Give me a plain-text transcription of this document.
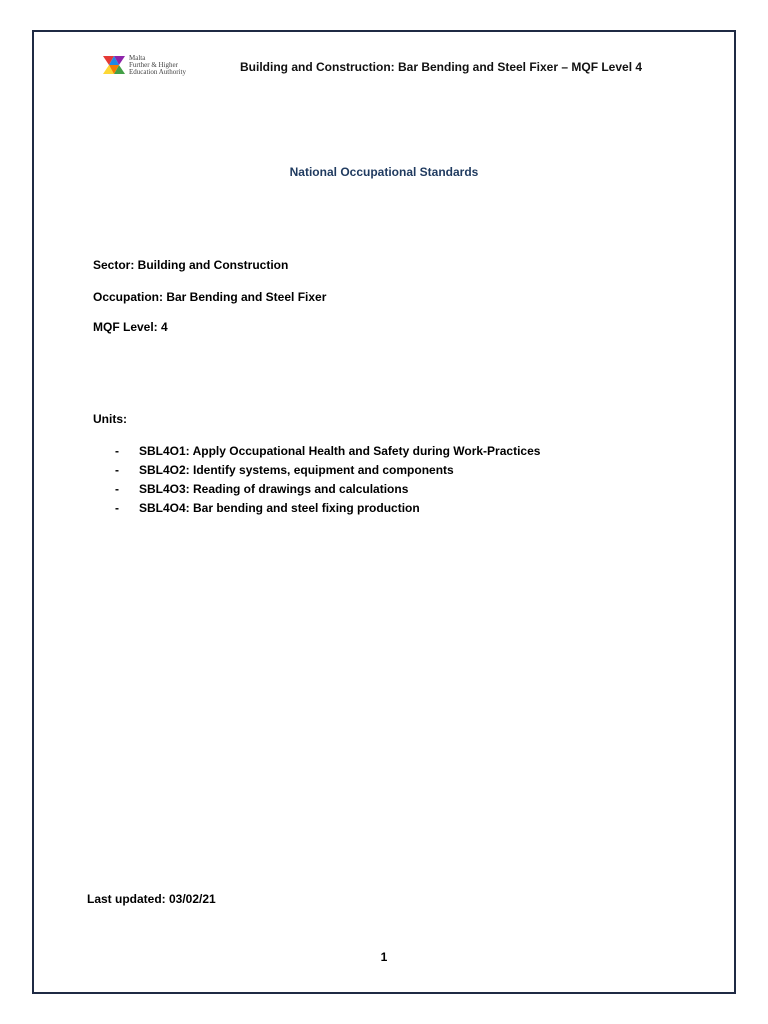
Malta
Further & Higher
Education Authority	Building and Construction: Bar Bending and Steel Fixer – MQF Level 4
National Occupational Standards
Sector: Building and Construction
Occupation: Bar Bending and Steel Fixer
MQF Level: 4
Units:
-	SBL4O1: Apply Occupational Health and Safety during Work-Practices
-	SBL4O2: Identify systems, equipment and components
-	SBL4O3: Reading of drawings and calculations
-	SBL4O4: Bar bending and steel fixing production
Last updated: 03/02/21
1
